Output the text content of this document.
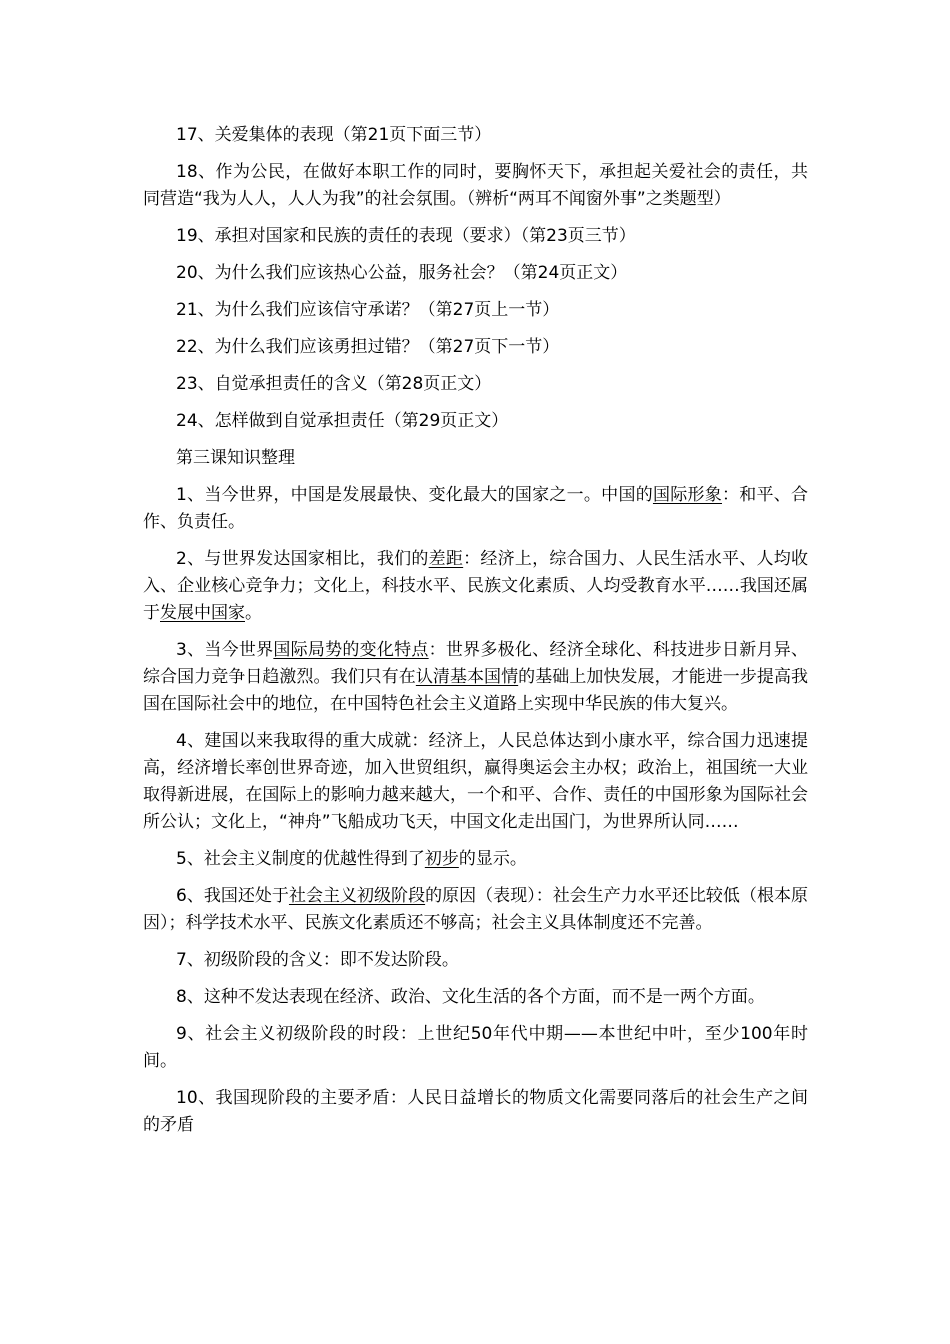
17、关爱集体的表现（第21页下面三节）

18、作为公民，在做好本职工作的同时，要胸怀天下，承担起关爱社会的责任，共同营造“我为人人，人人为我”的社会氛围。（辨析“两耳不闻窗外事”之类题型）

19、承担对国家和民族的责任的表现（要求）（第23页三节）

20、为什么我们应该热心公益，服务社会？（第24页正文）

21、为什么我们应该信守承诺？（第27页上一节）

22、为什么我们应该勇担过错？（第27页下一节）

23、自觉承担责任的含义（第28页正文）

24、怎样做到自觉承担责任（第29页正文）

第三课知识整理

1、当今世界，中国是发展最快、变化最大的国家之一。中国的国际形象：和平、合作、负责任。

2、与世界发达国家相比，我们的差距：经济上，综合国力、人民生活水平、人均收入、企业核心竞争力；文化上，科技水平、民族文化素质、人均受教育水平……我国还属于发展中国家。

3、当今世界国际局势的变化特点：世界多极化、经济全球化、科技进步日新月异、综合国力竞争日趋激烈。我们只有在认清基本国情的基础上加快发展，才能进一步提高我国在国际社会中的地位，在中国特色社会主义道路上实现中华民族的伟大复兴。

4、建国以来我取得的重大成就：经济上，人民总体达到小康水平，综合国力迅速提高，经济增长率创世界奇迹，加入世贸组织，赢得奥运会主办权；政治上，祖国统一大业取得新进展，在国际上的影响力越来越大，一个和平、合作、责任的中国形象为国际社会所公认；文化上，“神舟”飞船成功飞天，中国文化走出国门，为世界所认同……

5、社会主义制度的优越性得到了初步的显示。

6、我国还处于社会主义初级阶段的原因（表现）：社会生产力水平还比较低（根本原因）；科学技术水平、民族文化素质还不够高；社会主义具体制度还不完善。

7、初级阶段的含义：即不发达阶段。

8、这种不发达表现在经济、政治、文化生活的各个方面，而不是一两个方面。

9、社会主义初级阶段的时段：上世纪50年代中期——本世纪中叶，至少100年时间。

10、我国现阶段的主要矛盾：人民日益增长的物质文化需要同落后的社会生产之间的矛盾
